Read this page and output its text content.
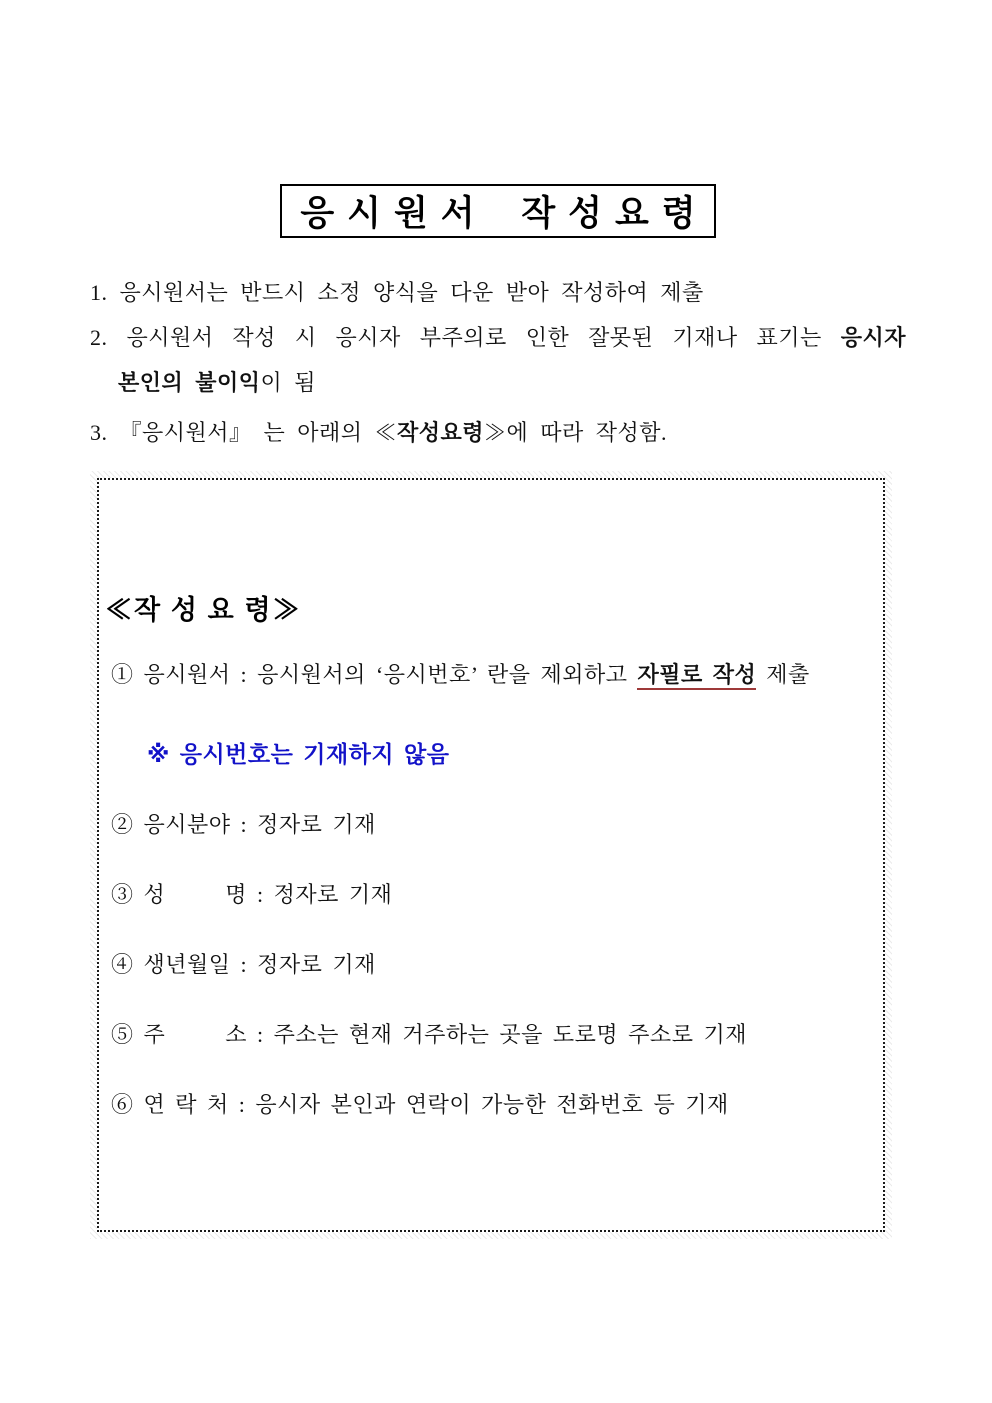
응시원서 작성요령
1. 응시원서는 반드시 소정 양식을 다운 받아 작성하여 제출
2. 응시원서 작성 시 응시자 부주의로 인한 잘못된 기재나 표기는 응시자
본인의 불이익이 됨
3. 『응시원서』 는 아래의 ≪작성요령≫에 따라 작성함.
≪작 성 요 령≫
① 응시원서 : 응시원서의 ‘응시번호’ 란을 제외하고 자필로 작성 제출
※ 응시번호는 기재하지 않음
② 응시분야 : 정자로 기재
③ 성      명 : 정자로 기재
④ 생년월일 : 정자로 기재
⑤ 주      소 : 주소는 현재 거주하는 곳을 도로명 주소로 기재
⑥ 연 락 처 : 응시자 본인과 연락이 가능한 전화번호 등 기재
